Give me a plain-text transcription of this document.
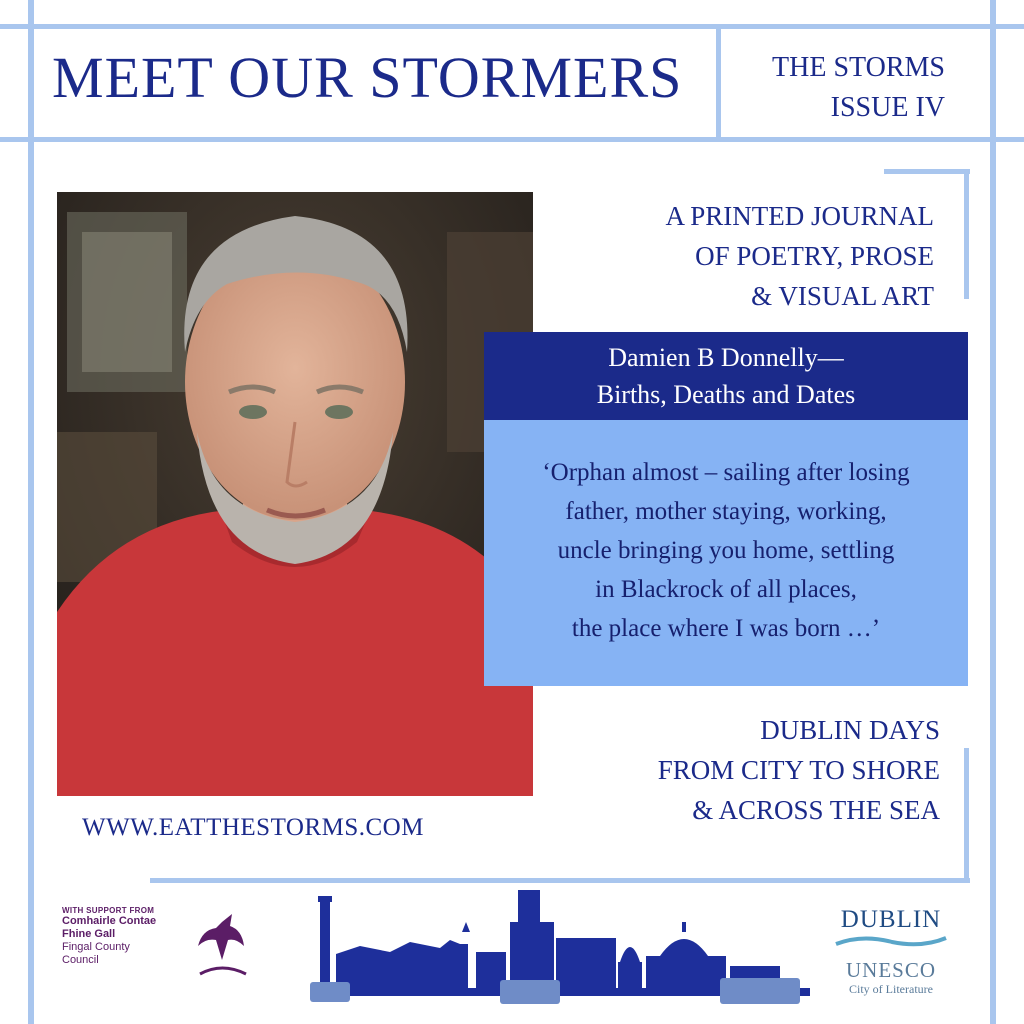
MEET OUR STORMERS	THE STORMS
ISSUE IV
A PRINTED JOURNAL
OF POETRY, PROSE
& VISUAL ART
Damien B Donnelly—
Births, Deaths and Dates
‘Orphan almost – sailing after losing
father, mother staying, working,
uncle bringing you home, settling
in Blackrock of all places,
the place where I was born …’
DUBLIN DAYS
FROM CITY TO SHORE
& ACROSS THE SEA
WWW.EATTHESTORMS.COM
WITH SUPPORT FROM
Comhairle Contae
Fhine Gall
Fingal County
Council
DUBLIN
UNESCO
City of Literature
